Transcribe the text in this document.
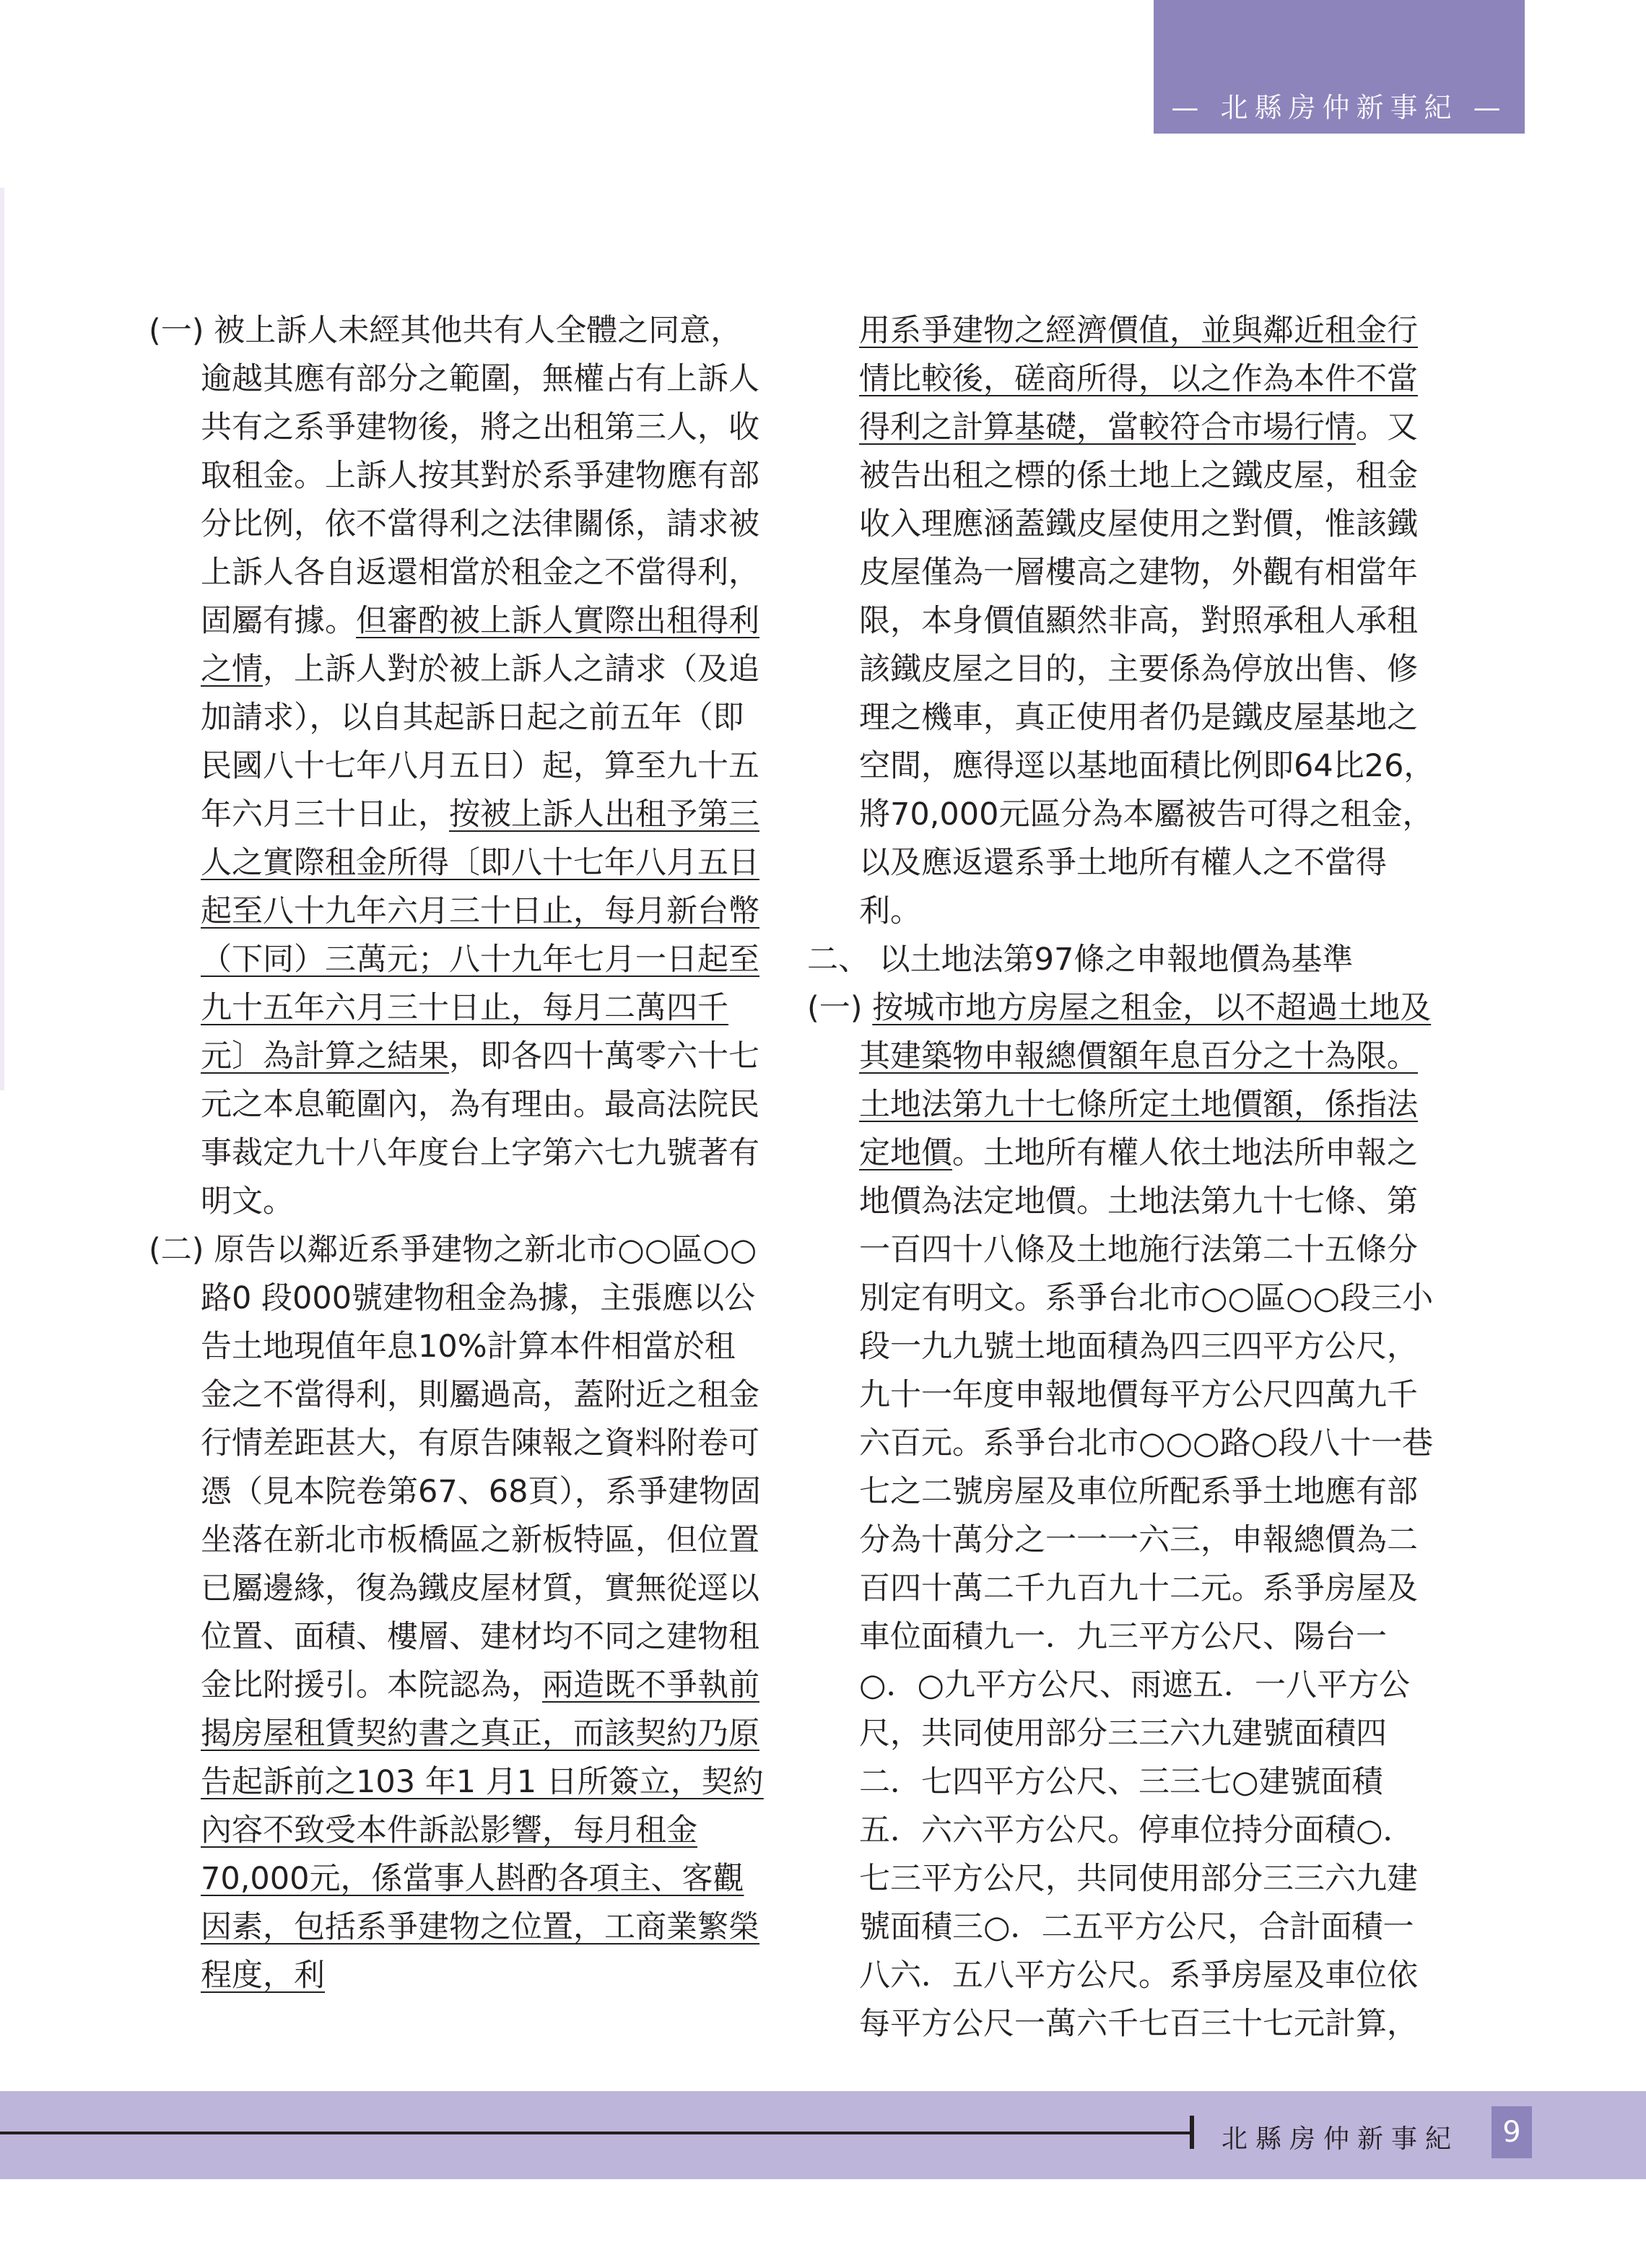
— 北縣房仲新事紀 —

(一) 被上訴人未經其他共有人全體之同意，逾越其應有部分之範圍，無權占有上訴人共有之系爭建物後，將之出租第三人，收取租金。上訴人按其對於系爭建物應有部分比例，依不當得利之法律關係，請求被上訴人各自返還相當於租金之不當得利，固屬有據。但審酌被上訴人實際出租得利之情，上訴人對於被上訴人之請求（及追加請求），以自其起訴日起之前五年（即民國八十七年八月五日）起，算至九十五年六月三十日止，按被上訴人出租予第三人之實際租金所得〔即八十七年八月五日起至八十九年六月三十日止，每月新台幣（下同）三萬元；八十九年七月一日起至九十五年六月三十日止，每月二萬四千元〕為計算之結果，即各四十萬零六十七元之本息範圍內，為有理由。最高法院民事裁定九十八年度台上字第六七九號著有明文。

(二) 原告以鄰近系爭建物之新北市○○區○○路0 段000號建物租金為據，主張應以公告土地現值年息10%計算本件相當於租金之不當得利，則屬過高，蓋附近之租金行情差距甚大，有原告陳報之資料附卷可憑（見本院卷第67、68頁），系爭建物固坐落在新北市板橋區之新板特區，但位置已屬邊緣，復為鐵皮屋材質，實無從逕以位置、面積、樓層、建材均不同之建物租金比附援引。本院認為，兩造既不爭執前揭房屋租賃契約書之真正，而該契約乃原告起訴前之103 年1 月1 日所簽立，契約內容不致受本件訴訟影響，每月租金70,000元，係當事人斟酌各項主、客觀因素，包括系爭建物之位置，工商業繁榮程度，利

用系爭建物之經濟價值，並與鄰近租金行情比較後，磋商所得，以之作為本件不當得利之計算基礎，當較符合市場行情。又被告出租之標的係土地上之鐵皮屋，租金收入理應涵蓋鐵皮屋使用之對價，惟該鐵皮屋僅為一層樓高之建物，外觀有相當年限，本身價值顯然非高，對照承租人承租該鐵皮屋之目的，主要係為停放出售、修理之機車，真正使用者仍是鐵皮屋基地之空間，應得逕以基地面積比例即64比26，將70,000元區分為本屬被告可得之租金，以及應返還系爭土地所有權人之不當得利。

二、 以土地法第97條之申報地價為基準

(一) 按城市地方房屋之租金，以不超過土地及其建築物申報總價額年息百分之十為限。土地法第九十七條所定土地價額，係指法定地價。土地所有權人依土地法所申報之地價為法定地價。土地法第九十七條、第一百四十八條及土地施行法第二十五條分別定有明文。系爭台北市○○區○○段三小段一九九號土地面積為四三四平方公尺，九十一年度申報地價每平方公尺四萬九千六百元。系爭台北市○○○路○段八十一巷七之二號房屋及車位所配系爭土地應有部分為十萬分之一一一六三，申報總價為二百四十萬二千九百九十二元。系爭房屋及車位面積九一．九三平方公尺、陽台一○．○九平方公尺、雨遮五．一八平方公尺，共同使用部分三三六九建號面積四二．七四平方公尺、三三七○建號面積五．六六平方公尺。停車位持分面積○．七三平方公尺，共同使用部分三三六九建號面積三○．二五平方公尺，合計面積一八六．五八平方公尺。系爭房屋及車位依每平方公尺一萬六千七百三十七元計算，

北縣房仲新事紀	9
